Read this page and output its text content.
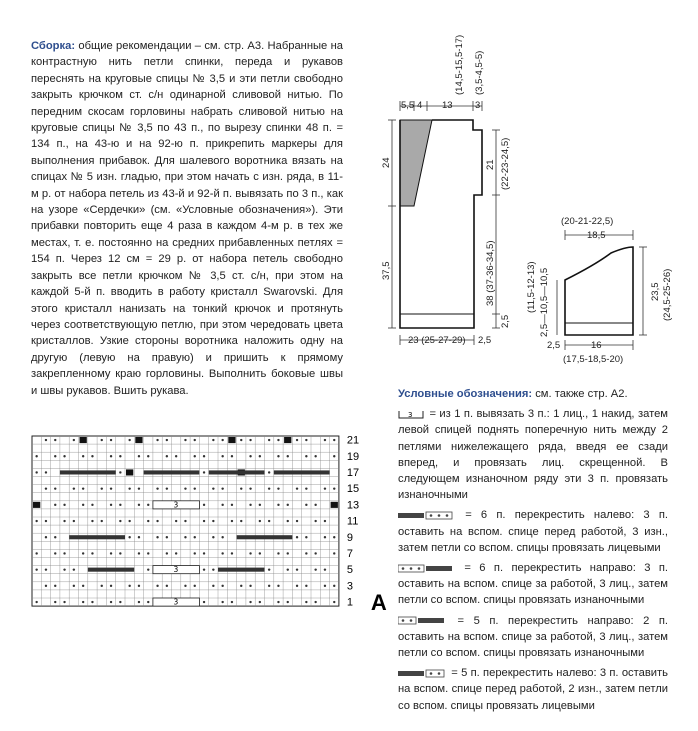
Сборка: общие рекомендации – см. стр. А3. Набранные на контрастную нить петли спинки, переда и рукавов переснять на круговые спицы № 3,5 и эти петли свободно закрыть крючком ст. с/н одинарной сливовой нитью. По передним скосам горловины набрать сливовой нитью на круговые спицы № 3,5 по 43 п., по вырезу спинки 48 п. = 134 п., на 43-ю и на 92-ю п. прикрепить маркеры для выполнения прибавок. Для шалевого воротника вязать на спицах № 5 изн. гладью, при этом начать с изн. ряда, в 11-м р. от набора петель из 43-й и 92-й п. вывязать по 3 п., как на узоре «Сердечки» (см. «Условные обозначения»). Эти прибавки повторить еще 4 раза в каждом 4-м р. в тех же местах, т. е. постоянно на средних прибавленных петлях = 154 п. Через 12 см = 29 р. от набора петель свободно закрыть все петли крючком № 3,5 ст. с/н, при этом на каждой 5-й п. вводить в работу кристалл Swarovski. Для этого кристалл нанизать на тонкий крючок и протянуть через соответствующую петлю, при этом чередовать цвета кристаллов. Узкие стороны воротника наложить одну на другую (левую на правую) и пришить к прямому закрепленному краю горловины. Выполнить боковые швы и швы рукавов. Вшить рукава.
(14,5-15,5-17) (3,5-4,5-5)
5,5 4 13 3
24
37,5
21 (22-23-24,5)
38 (37-36-34,5)
2,5
23 (25-27-29) 2,5
(20-21-22,5)
18,5
23,5 (24,5-25-26)
(11,5-12-13) 2,5—10,5—10,5
2,5	16
(17,5-18,5-20)
3
3
3
21
19
17
15
13
11
9
7
5
3
1 A

Условные обозначения: см. также стр. А2.

3 = из 1 п. вывязать 3 п.: 1 лиц., 1 накид, затем левой спицей поднять поперечную нить между 2 петлями нижележащего ряда, введя ее сзади вперед, и провязать лиц. скрещенной. В следующем изнаночном ряду эти 3 п. провязать изнаночными

= 6 п. перекрестить налево: 3 п. оставить на вспом. спице перед работой, 3 изн., затем петли со вспом. спицы провязать лицевыми

= 6 п. перекрестить направо: 3 п. оставить на вспом. спице за работой, 3 лиц., затем петли со вспом. спицы провязать изнаночными

= 5 п. перекрестить направо: 2 п. оставить на вспом. спице за работой, 3 лиц., затем петли со вспом. спицы провязать изнаночными

= 5 п. перекрестить налево: 3 п. оставить на вспом. спице перед работой, 2 изн., затем петли со вспом. спицы провязать лицевыми
